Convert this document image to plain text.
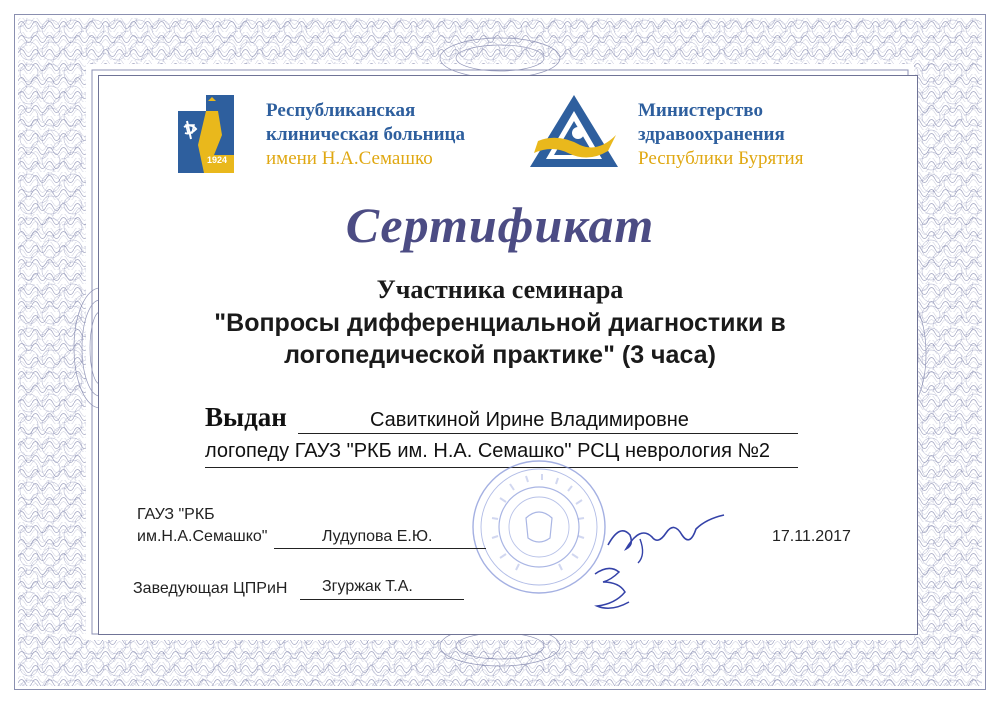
1924
Республиканская
клиническая больница
имени Н.А.Семашко
Министерство
здравоохранения
Республики Бурятия
Сертификат
Участника семинара
"Вопросы дифференциальной диагностики в
логопедической практике" (3 часа)
Выдан	Савиткиной Ирине Владимировне
логопеду ГАУЗ "РКБ им. Н.А. Семашко" РСЦ неврология №2
ГАУЗ "РКБ
им.Н.А.Семашко"	Лудупова Е.Ю.	17.11.2017
Заведующая ЦПРиН Згуржак Т.А.
